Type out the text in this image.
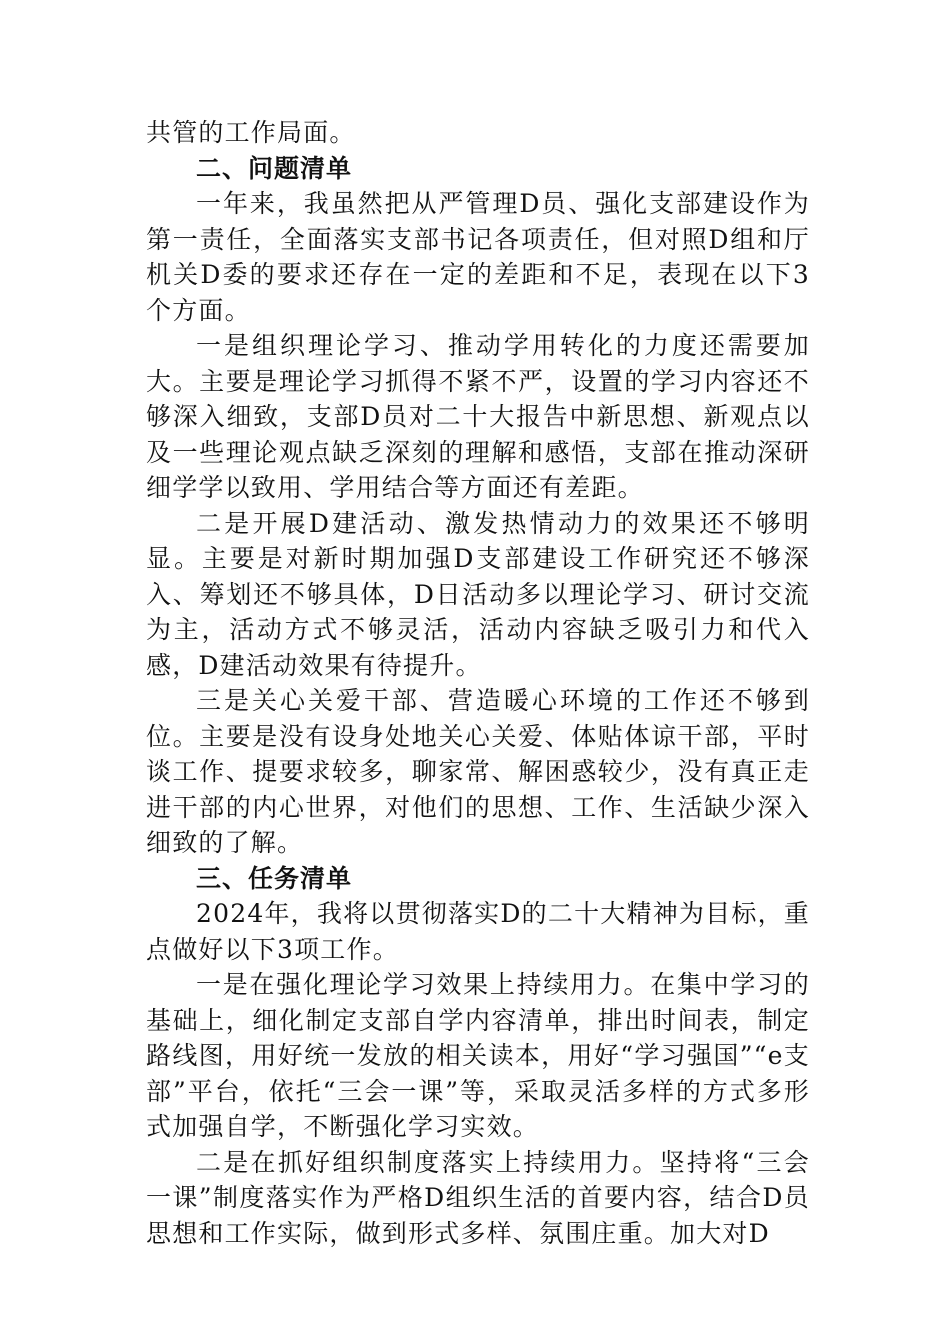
共管的工作局面。

二、问题清单

一年来，我虽然把从严管理D员、强化支部建设作为第一责任，全面落实支部书记各项责任，但对照D组和厅机关D委的要求还存在一定的差距和不足，表现在以下3个方面。

一是组织理论学习、推动学用转化的力度还需要加大。主要是理论学习抓得不紧不严，设置的学习内容还不够深入细致，支部D员对二十大报告中新思想、新观点以及一些理论观点缺乏深刻的理解和感悟，支部在推动深研细学学以致用、学用结合等方面还有差距。

二是开展D建活动、激发热情动力的效果还不够明显。主要是对新时期加强D支部建设工作研究还不够深入、筹划还不够具体，D日活动多以理论学习、研讨交流为主，活动方式不够灵活，活动内容缺乏吸引力和代入感，D建活动效果有待提升。

三是关心关爱干部、营造暖心环境的工作还不够到位。主要是没有设身处地关心关爱、体贴体谅干部，平时谈工作、提要求较多，聊家常、解困惑较少，没有真正走进干部的内心世界，对他们的思想、工作、生活缺少深入细致的了解。

三、任务清单

2024年，我将以贯彻落实D的二十大精神为目标，重点做好以下3项工作。

一是在强化理论学习效果上持续用力。在集中学习的基础上，细化制定支部自学内容清单，排出时间表，制定路线图，用好统一发放的相关读本，用好“学习强国”“e支部”平台，依托“三会一课”等，采取灵活多样的方式多形式加强自学，不断强化学习实效。

二是在抓好组织制度落实上持续用力。坚持将“三会一课”制度落实作为严格D组织生活的首要内容，结合D员思想和工作实际，做到形式多样、氛围庄重。加大对D
